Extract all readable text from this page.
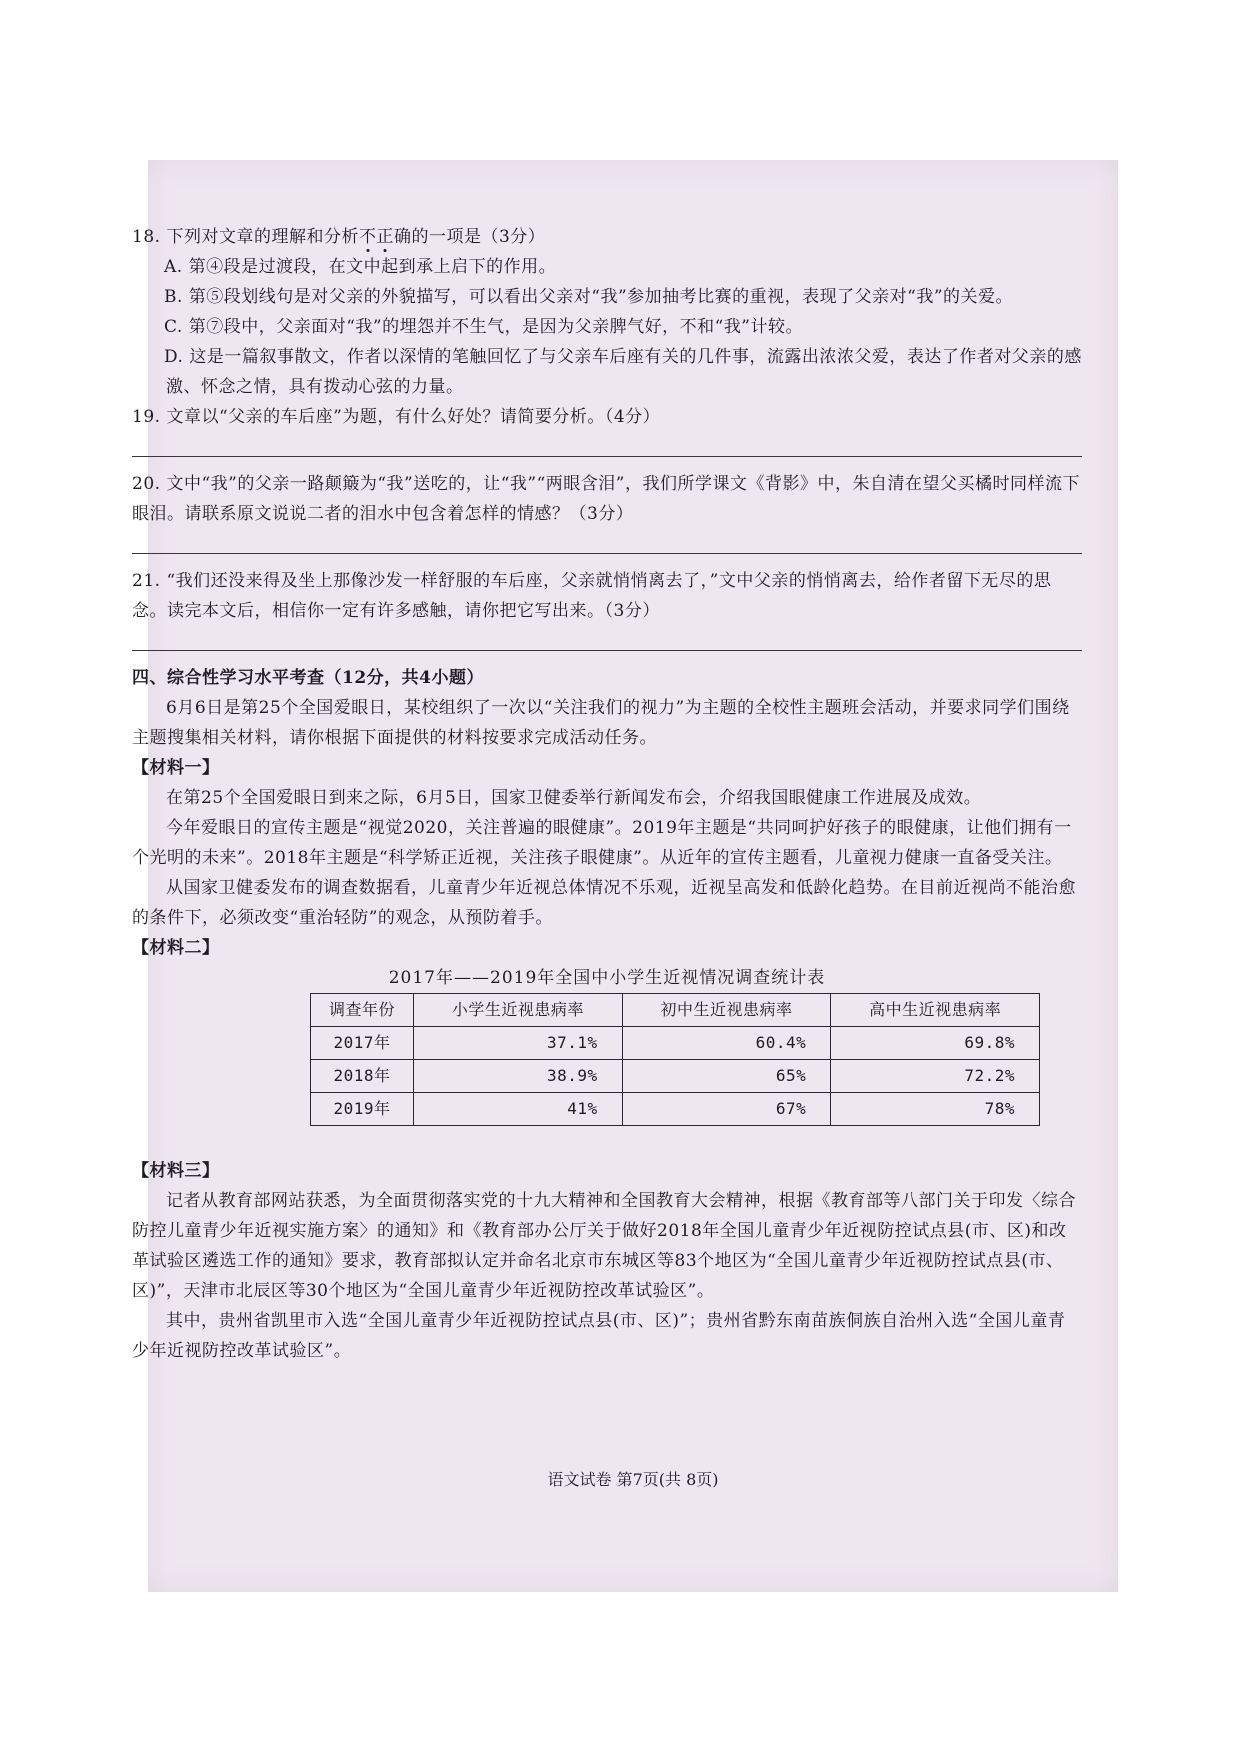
18. 下列对文章的理解和分析不正确的一项是（3分）

A. 第④段是过渡段，在文中起到承上启下的作用。

B. 第⑤段划线句是对父亲的外貌描写，可以看出父亲对“我”参加抽考比赛的重视，表现了父亲对“我”的关爱。

C. 第⑦段中，父亲面对“我”的埋怨并不生气，是因为父亲脾气好，不和“我”计较。

D. 这是一篇叙事散文，作者以深情的笔触回忆了与父亲车后座有关的几件事，流露出浓浓父爱，表达了作者对父亲的感激、怀念之情，具有拨动心弦的力量。

19. 文章以“父亲的车后座”为题，有什么好处？请简要分析。（4分）

20. 文中“我”的父亲一路颠簸为“我”送吃的，让“我”“两眼含泪”，我们所学课文《背影》中，朱自清在望父买橘时同样流下眼泪。请联系原文说说二者的泪水中包含着怎样的情感？（3分）

21. “我们还没来得及坐上那像沙发一样舒服的车后座，父亲就悄悄离去了，”文中父亲的悄悄离去，给作者留下无尽的思念。读完本文后，相信你一定有许多感触，请你把它写出来。（3分）

四、综合性学习水平考查（12分，共4小题）

6月6日是第25个全国爱眼日，某校组织了一次以“关注我们的视力”为主题的全校性主题班会活动，并要求同学们围绕主题搜集相关材料，请你根据下面提供的材料按要求完成活动任务。

【材料一】

在第25个全国爱眼日到来之际，6月5日，国家卫健委举行新闻发布会，介绍我国眼健康工作进展及成效。

今年爱眼日的宣传主题是“视觉2020，关注普遍的眼健康”。2019年主题是“共同呵护好孩子的眼健康，让他们拥有一个光明的未来”。2018年主题是“科学矫正近视，关注孩子眼健康”。从近年的宣传主题看，儿童视力健康一直备受关注。

从国家卫健委发布的调查数据看，儿童青少年近视总体情况不乐观，近视呈高发和低龄化趋势。在目前近视尚不能治愈的条件下，必须改变“重治轻防”的观念，从预防着手。

【材料二】

2017年——2019年全国中小学生近视情况调查统计表

调查年份	小学生近视患病率	初中生近视患病率	高中生近视患病率
2017年	37.1%	60.4%	69.8%
2018年	38.9%	65%	72.2%
2019年	41%	67%	78%

【材料三】

记者从教育部网站获悉，为全面贯彻落实党的十九大精神和全国教育大会精神，根据《教育部等八部门关于印发〈综合防控儿童青少年近视实施方案〉的通知》和《教育部办公厅关于做好2018年全国儿童青少年近视防控试点县(市、区)和改革试验区遴选工作的通知》要求，教育部拟认定并命名北京市东城区等83个地区为“全国儿童青少年近视防控试点县(市、区)”，天津市北辰区等30个地区为“全国儿童青少年近视防控改革试验区”。

其中，贵州省凯里市入选“全国儿童青少年近视防控试点县(市、区)”；贵州省黔东南苗族侗族自治州入选“全国儿童青少年近视防控改革试验区”。

语文试卷 第7页(共 8页)
